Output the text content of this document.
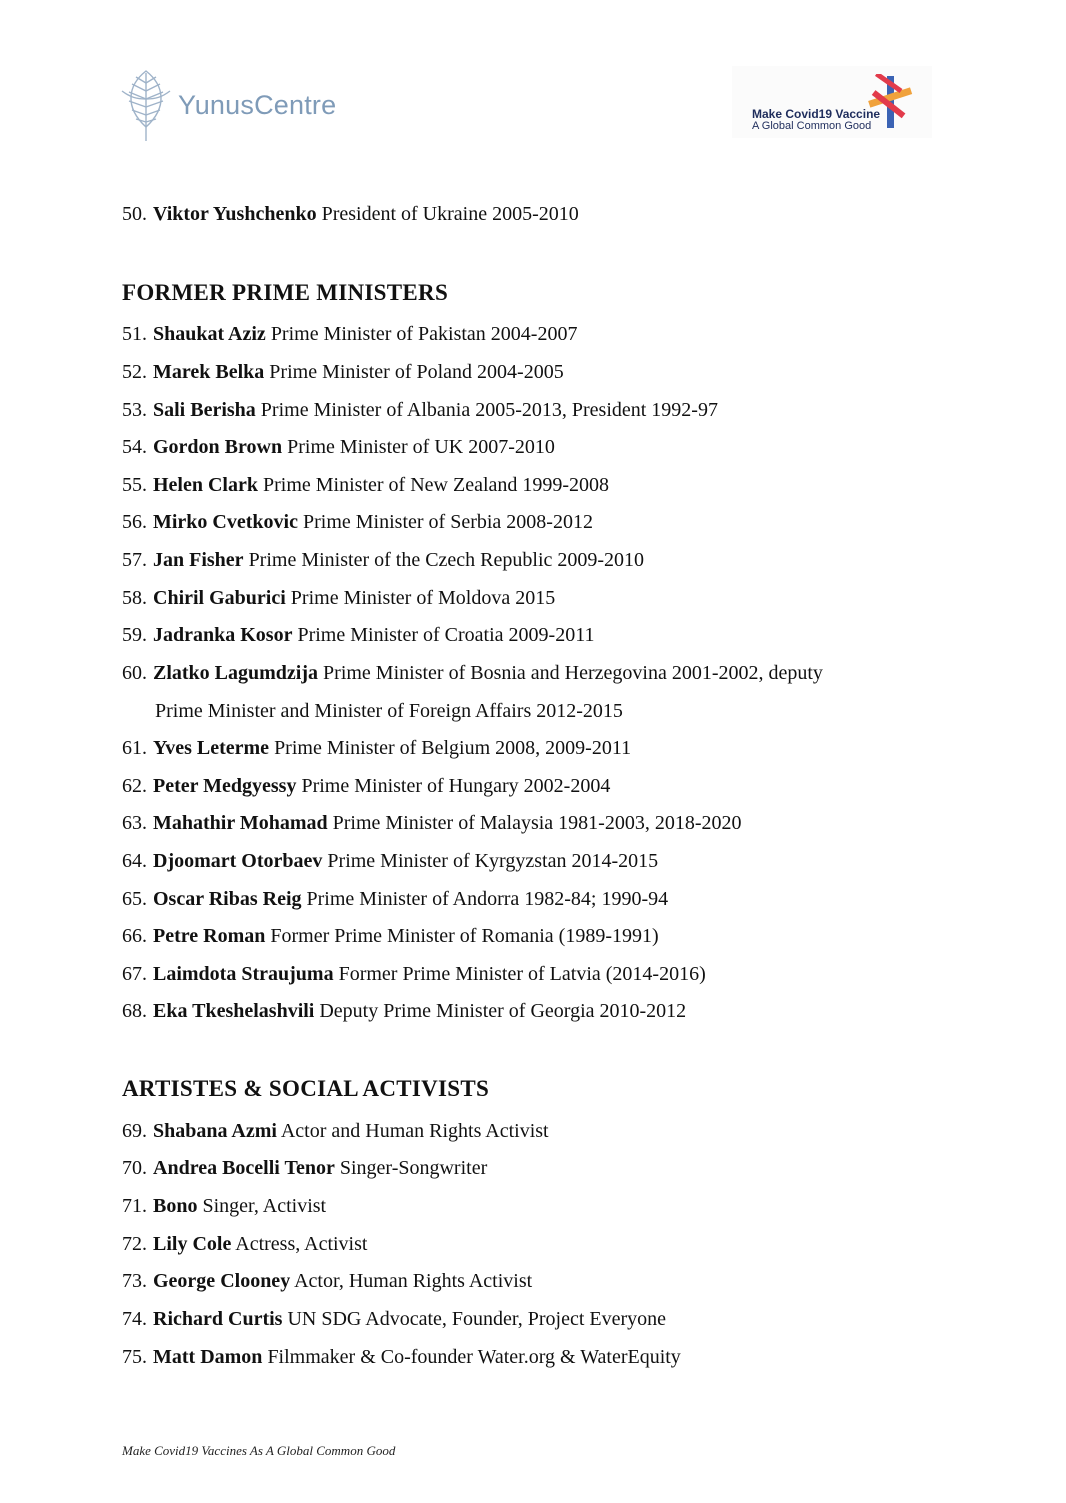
YunusCentre	Make Covid19 Vaccine
A Global Common Good
50. Viktor Yushchenko President of Ukraine 2005-2010
FORMER PRIME MINISTERS
51. Shaukat Aziz Prime Minister of Pakistan 2004-2007
52. Marek Belka Prime Minister of Poland 2004-2005
53. Sali Berisha Prime Minister of Albania 2005-2013, President 1992-97
54. Gordon Brown Prime Minister of UK 2007-2010
55. Helen Clark Prime Minister of New Zealand 1999-2008
56. Mirko Cvetkovic Prime Minister of Serbia 2008-2012
57. Jan Fisher Prime Minister of the Czech Republic 2009-2010
58. Chiril Gaburici Prime Minister of Moldova 2015
59. Jadranka Kosor Prime Minister of Croatia 2009-2011
60. Zlatko Lagumdzija Prime Minister of Bosnia and Herzegovina 2001-2002, deputy
Prime Minister and Minister of Foreign Affairs 2012-2015
61. Yves Leterme Prime Minister of Belgium 2008, 2009-2011
62. Peter Medgyessy Prime Minister of Hungary 2002-2004
63. Mahathir Mohamad Prime Minister of Malaysia 1981-2003, 2018-2020
64. Djoomart Otorbaev Prime Minister of Kyrgyzstan 2014-2015
65. Oscar Ribas Reig Prime Minister of Andorra 1982-84; 1990-94
66. Petre Roman Former Prime Minister of Romania (1989-1991)
67. Laimdota Straujuma Former Prime Minister of Latvia (2014-2016)
68. Eka Tkeshelashvili Deputy Prime Minister of Georgia 2010-2012
ARTISTES & SOCIAL ACTIVISTS
69. Shabana Azmi Actor and Human Rights Activist
70. Andrea Bocelli Tenor Singer-Songwriter
71. Bono Singer, Activist
72. Lily Cole Actress, Activist
73. George Clooney Actor, Human Rights Activist
74. Richard Curtis UN SDG Advocate, Founder, Project Everyone
75. Matt Damon Filmmaker & Co-founder Water.org & WaterEquity
Make Covid19 Vaccines As A Global Common Good
